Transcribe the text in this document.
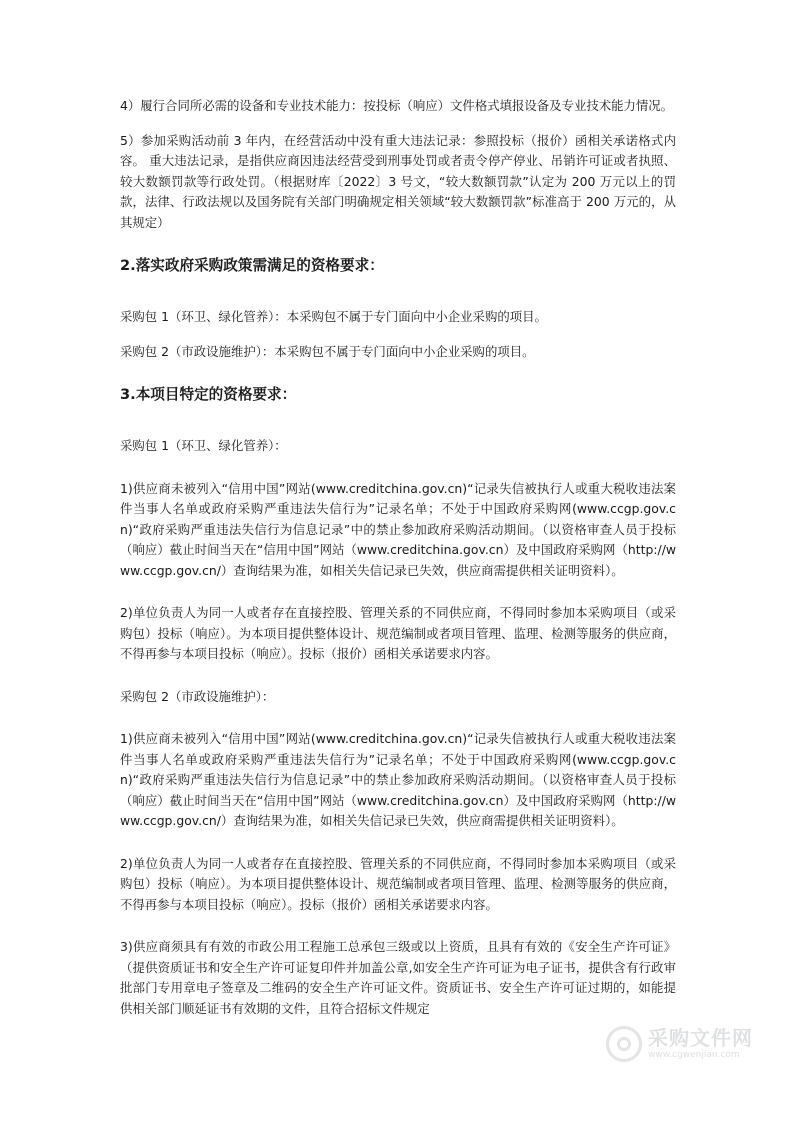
4）履行合同所必需的设备和专业技术能力：按投标（响应）文件格式填报设备及专业技术能力情况。

5）参加采购活动前 3 年内，在经营活动中没有重大违法记录：参照投标（报价）函相关承诺格式内容。 重大违法记录，是指供应商因违法经营受到刑事处罚或者责令停产停业、吊销许可证或者执照、较大数额罚款等行政处罚。（根据财库〔2022〕3 号文，“较大数额罚款”认定为 200 万元以上的罚款，法律、行政法规以及国务院有关部门明确规定相关领域“较大数额罚款”标准高于 200 万元的，从其规定）

2.落实政府采购政策需满足的资格要求：

采购包 1（环卫、绿化管养）：本采购包不属于专门面向中小企业采购的项目。

采购包 2（市政设施维护）：本采购包不属于专门面向中小企业采购的项目。

3.本项目特定的资格要求：

采购包 1（环卫、绿化管养）：

1)供应商未被列入“信用中国”网站(www.creditchina.gov.cn)“记录失信被执行人或重大税收违法案件当事人名单或政府采购严重违法失信行为”记录名单；不处于中国政府采购网(www.ccgp.gov.cn)“政府采购严重违法失信行为信息记录”中的禁止参加政府采购活动期间。（以资格审查人员于投标（响应）截止时间当天在“信用中国”网站（www.creditchina.gov.cn）及中国政府采购网（http://www.ccgp.gov.cn/）查询结果为准，如相关失信记录已失效，供应商需提供相关证明资料）。

2)单位负责人为同一人或者存在直接控股、管理关系的不同供应商，不得同时参加本采购项目（或采购包）投标（响应）。为本项目提供整体设计、规范编制或者项目管理、监理、检测等服务的供应商，不得再参与本项目投标（响应）。投标（报价）函相关承诺要求内容。

采购包 2（市政设施维护）：

1)供应商未被列入“信用中国”网站(www.creditchina.gov.cn)“记录失信被执行人或重大税收违法案件当事人名单或政府采购严重违法失信行为”记录名单；不处于中国政府采购网(www.ccgp.gov.cn)“政府采购严重违法失信行为信息记录”中的禁止参加政府采购活动期间。（以资格审查人员于投标（响应）截止时间当天在“信用中国”网站（www.creditchina.gov.cn）及中国政府采购网（http://www.ccgp.gov.cn/）查询结果为准，如相关失信记录已失效，供应商需提供相关证明资料）。

2)单位负责人为同一人或者存在直接控股、管理关系的不同供应商，不得同时参加本采购项目（或采购包）投标（响应）。为本项目提供整体设计、规范编制或者项目管理、监理、检测等服务的供应商，不得再参与本项目投标（响应）。投标（报价）函相关承诺要求内容。

3)供应商须具有有效的市政公用工程施工总承包三级或以上资质，且具有有效的《安全生产许可证》（提供资质证书和安全生产许可证复印件并加盖公章,如安全生产许可证为电子证书，提供含有行政审批部门专用章电子签章及二维码的安全生产许可证文件。资质证书、安全生产许可证过期的，如能提供相关部门顺延证书有效期的文件，且符合招标文件规定

采购文件网
www.cgwenjian.com
